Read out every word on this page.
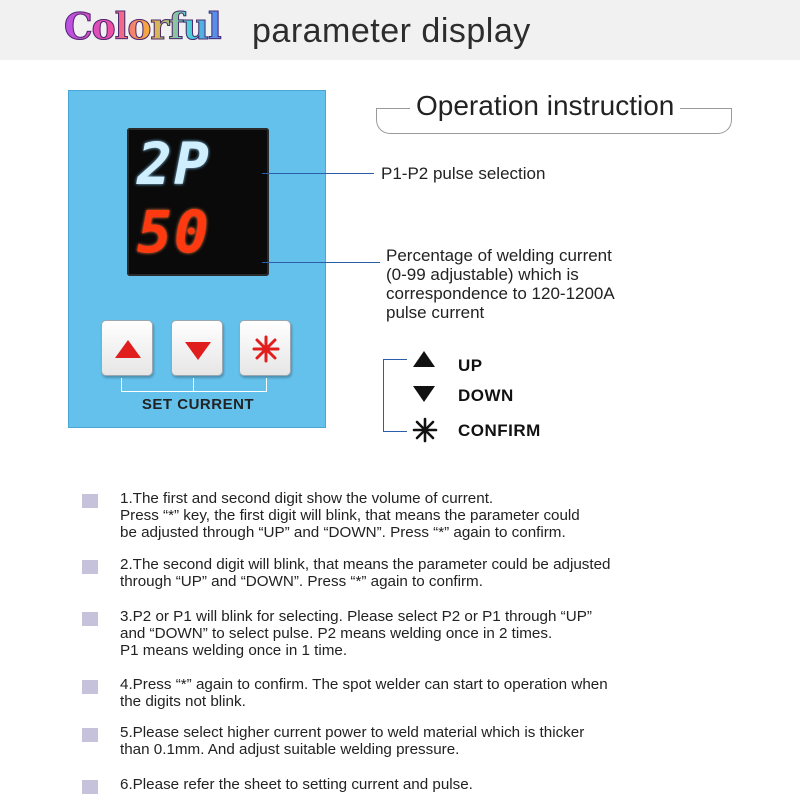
Colorful parameter display
2P
50
SET CURRENT
Operation instruction
P1-P2 pulse selection
Percentage of welding current
(0-99 adjustable) which is
correspondence to 120-1200A
pulse current
UP
DOWN
CONFIRM
1.The first and second digit show the volume of current.
Press “*” key, the first digit will blink, that means the parameter could
be adjusted through “UP” and “DOWN”. Press “*” again to confirm.
2.The second digit will blink, that means the parameter could be adjusted
through “UP” and “DOWN”. Press “*” again to confirm.
3.P2 or P1 will blink for selecting. Please select P2 or P1 through “UP”
and “DOWN” to select pulse. P2 means welding once in 2 times.
P1 means welding once in 1 time.
4.Press “*” again to confirm. The spot welder can start to operation when
the digits not blink.
5.Please select higher current power to weld material which is thicker
than 0.1mm. And adjust suitable welding pressure.
6.Please refer the sheet to setting current and pulse.
